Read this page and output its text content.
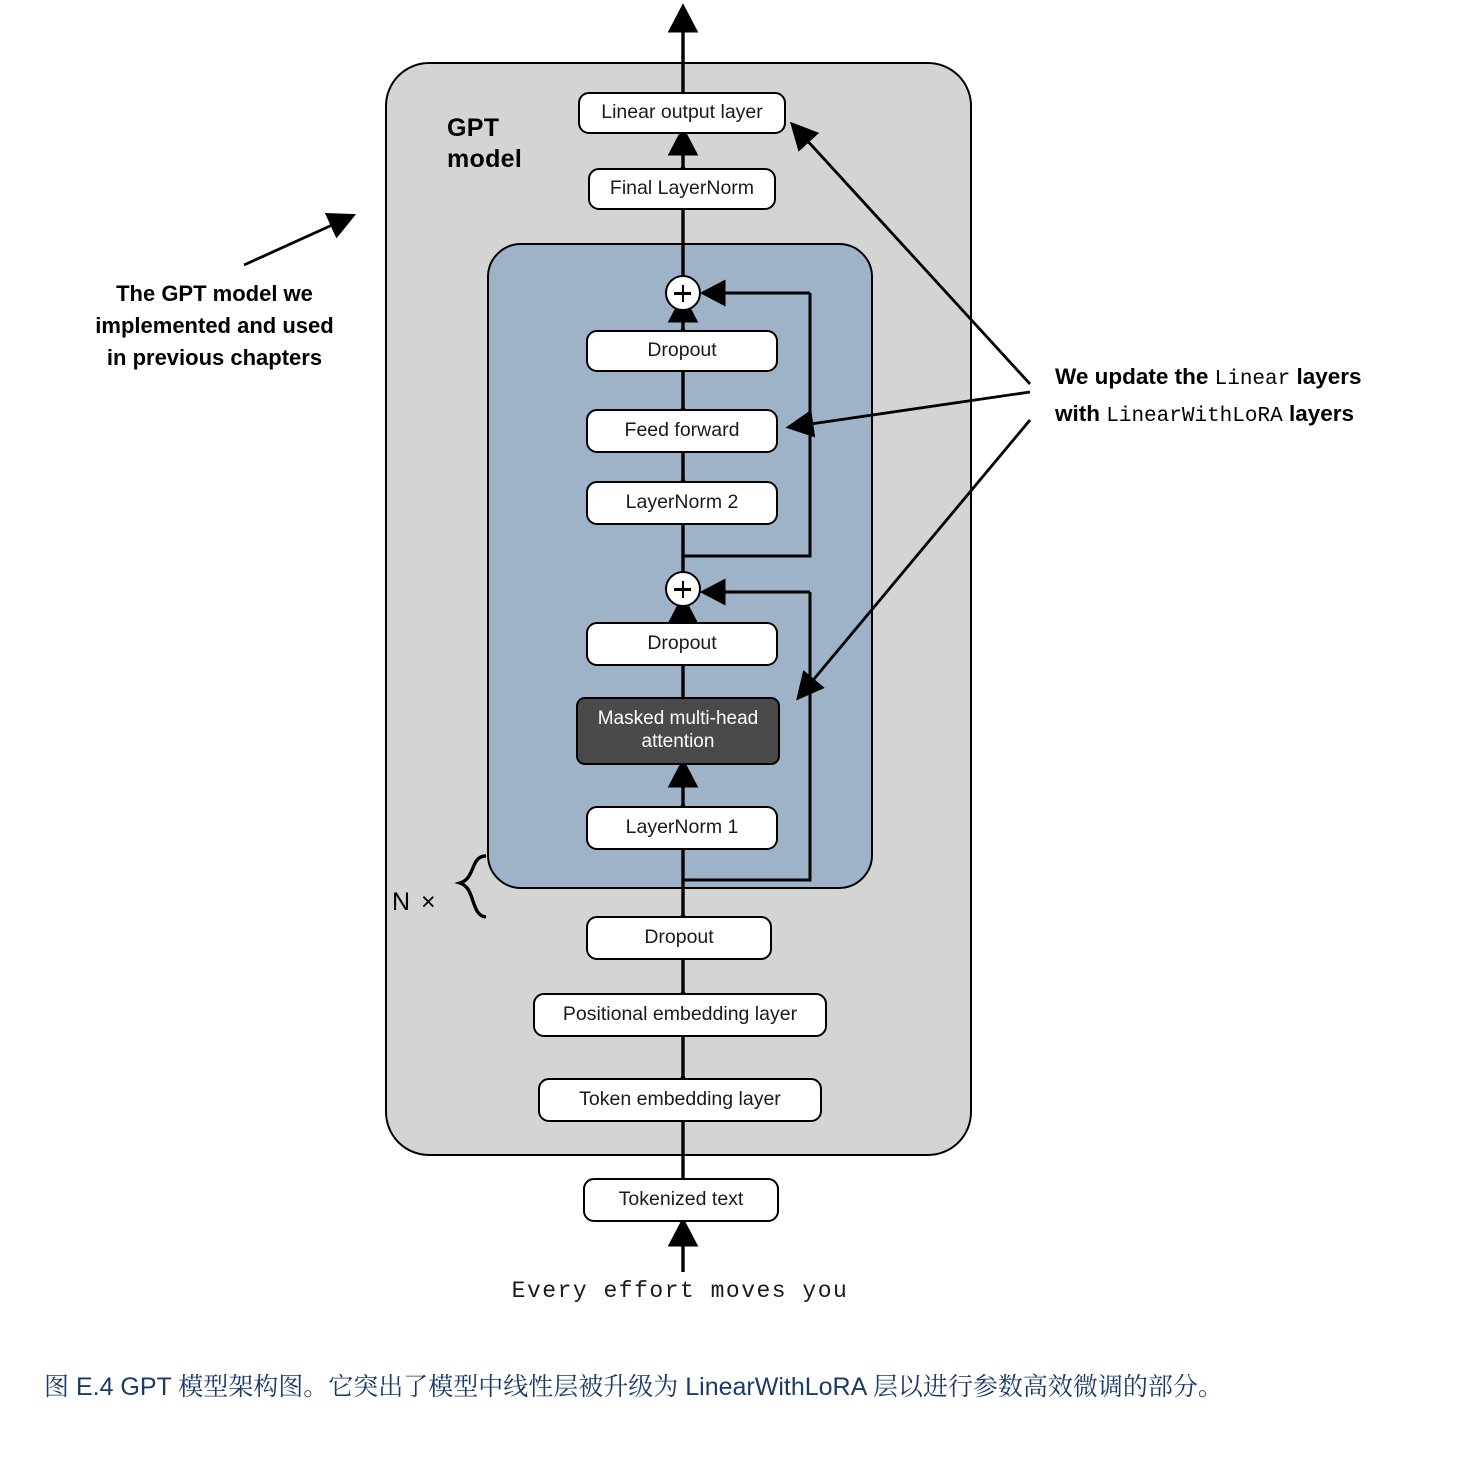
GPT
model
Linear output layer
Final LayerNorm
Dropout
Feed forward
LayerNorm 2
Dropout
Masked multi-head attention
LayerNorm 1
Dropout
Positional embedding layer
Token embedding layer
Tokenized text
N ×
Every effort moves you
The GPT model we implemented and used in previous chapters
We update the Linear layers
with LinearWithLoRA layers
图 E.4 GPT 模型架构图。它突出了模型中线性层被升级为 LinearWithLoRA 层以进行参数高效微调的部分。
